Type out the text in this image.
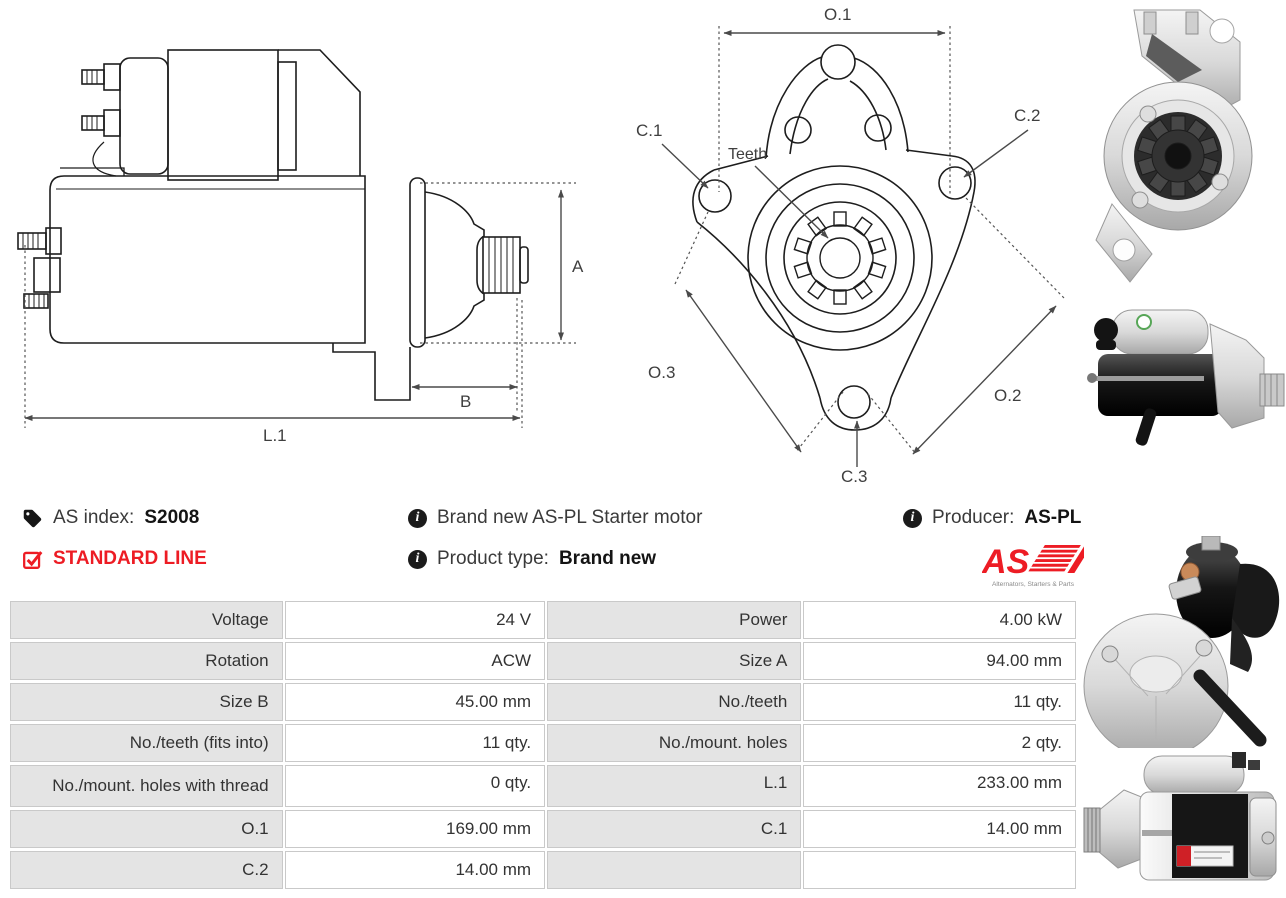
A
B
L.1
O.1
C.1
C.2
Teeth
O.3
O.2
C.3
AS index: S2008
STANDARD LINE
i Brand new AS-PL Starter motor
i Product type: Brand new
i Producer: AS-PL
AS
Alternators, Starters & Parts
Voltage	24 V	Power	4.00 kW
Rotation	ACW	Size A	94.00 mm
Size B	45.00 mm	No./teeth	11 qty.
No./teeth (fits into)	11 qty.	No./mount. holes	2 qty.
No./mount. holes with thread	0 qty.	L.1	233.00 mm
O.1	169.00 mm	C.1	14.00 mm
C.2	14.00 mm		
